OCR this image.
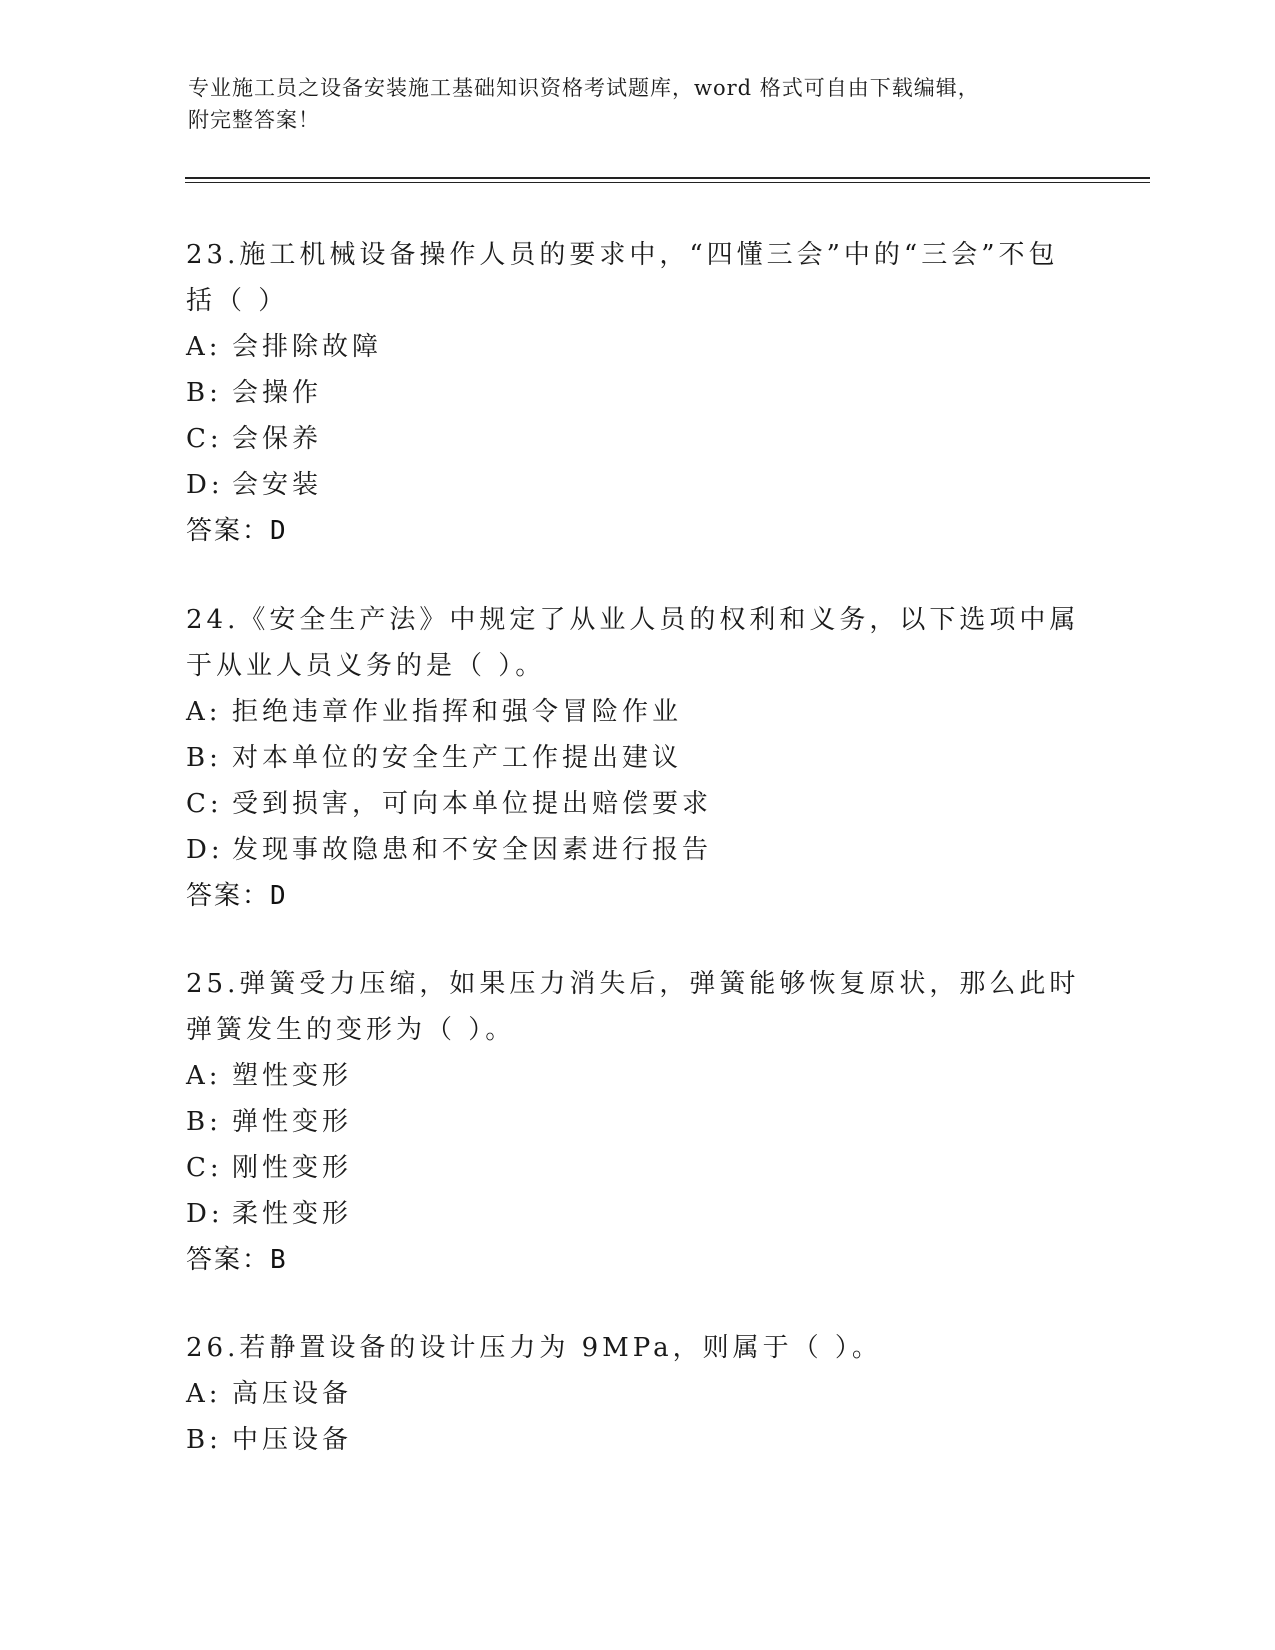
专业施工员之设备安装施工基础知识资格考试题库，word 格式可自由下载编辑，
附完整答案！

23.施工机械设备操作人员的要求中，“四懂三会”中的“三会”不包括（ ）

A: 会排除故障

B: 会操作

C: 会保养

D: 会安装

答案：D

24.《安全生产法》中规定了从业人员的权利和义务，以下选项中属于从业人员义务的是（ ）。

A: 拒绝违章作业指挥和强令冒险作业

B: 对本单位的安全生产工作提出建议

C: 受到损害，可向本单位提出赔偿要求

D: 发现事故隐患和不安全因素进行报告

答案：D

25.弹簧受力压缩，如果压力消失后，弹簧能够恢复原状，那么此时弹簧发生的变形为（ ）。

A: 塑性变形

B: 弹性变形

C: 刚性变形

D: 柔性变形

答案：B

26.若静置设备的设计压力为 9MPa，则属于（ ）。

A: 高压设备

B: 中压设备
